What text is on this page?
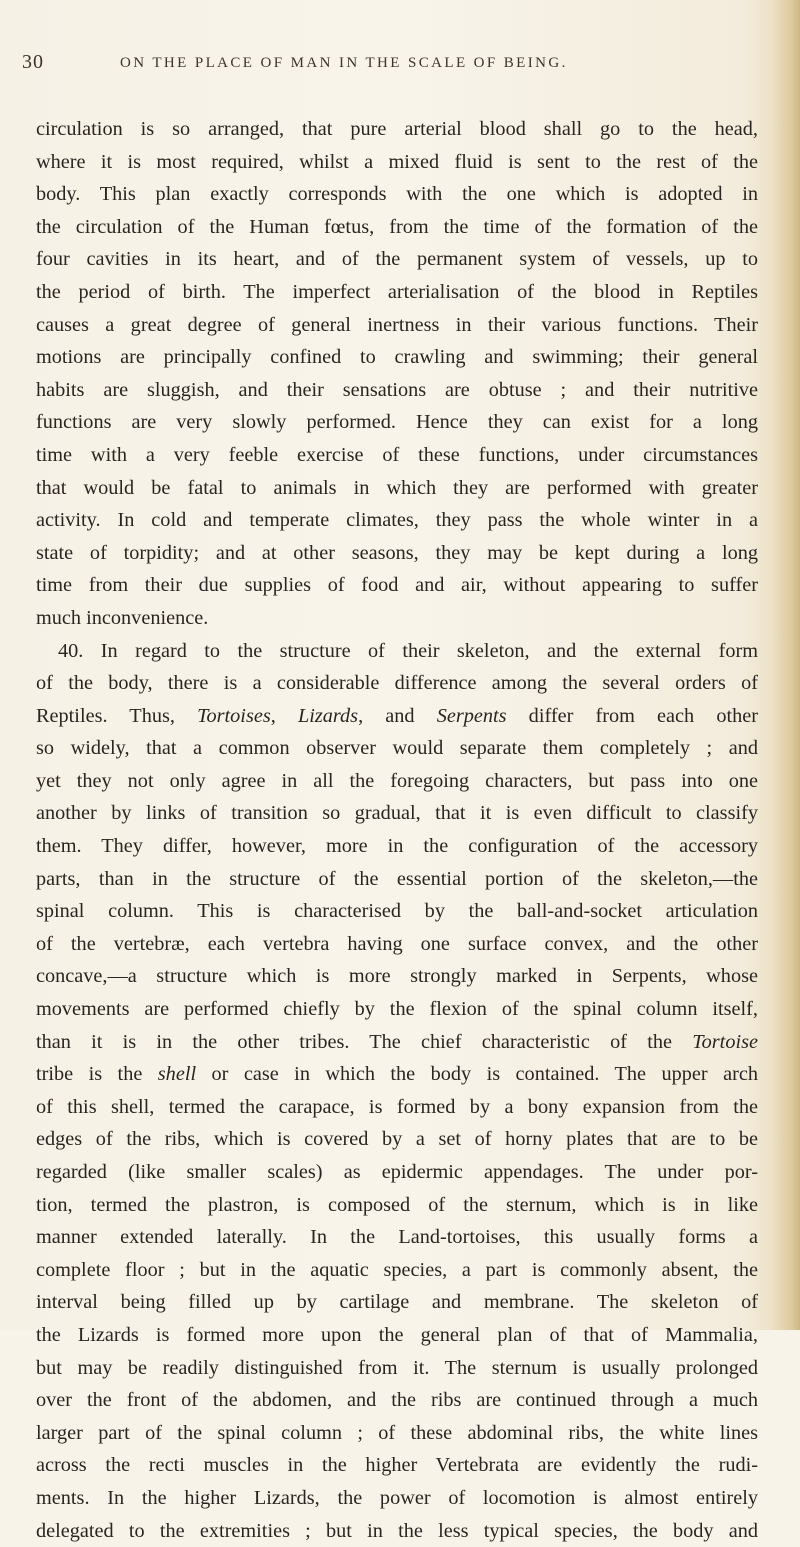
30	ON THE PLACE OF MAN IN THE SCALE OF BEING.
circulation is so arranged, that pure arterial blood shall go to the head,
where it is most required, whilst a mixed fluid is sent to the rest of the
body. This plan exactly corresponds with the one which is adopted in
the circulation of the Human fœtus, from the time of the formation of the
four cavities in its heart, and of the permanent system of vessels, up to
the period of birth. The imperfect arterialisation of the blood in Reptiles
causes a great degree of general inertness in their various functions. Their
motions are principally confined to crawling and swimming; their general
habits are sluggish, and their sensations are obtuse ; and their nutritive
functions are very slowly performed. Hence they can exist for a long
time with a very feeble exercise of these functions, under circumstances
that would be fatal to animals in which they are performed with greater
activity. In cold and temperate climates, they pass the whole winter in a
state of torpidity; and at other seasons, they may be kept during a long
time from their due supplies of food and air, without appearing to suffer
much inconvenience.
40. In regard to the structure of their skeleton, and the external form
of the body, there is a considerable difference among the several orders of
Reptiles. Thus, Tortoises, Lizards, and Serpents differ from each other
so widely, that a common observer would separate them completely ; and
yet they not only agree in all the foregoing characters, but pass into one
another by links of transition so gradual, that it is even difficult to classify
them. They differ, however, more in the configuration of the accessory
parts, than in the structure of the essential portion of the skeleton,—the
spinal column. This is characterised by the ball-and-socket articulation
of the vertebræ, each vertebra having one surface convex, and the other
concave,—a structure which is more strongly marked in Serpents, whose
movements are performed chiefly by the flexion of the spinal column itself,
than it is in the other tribes. The chief characteristic of the Tortoise
tribe is the shell or case in which the body is contained. The upper arch
of this shell, termed the carapace, is formed by a bony expansion from the
edges of the ribs, which is covered by a set of horny plates that are to be
regarded (like smaller scales) as epidermic appendages. The under por-
tion, termed the plastron, is composed of the sternum, which is in like
manner extended laterally. In the Land-tortoises, this usually forms a
complete floor ; but in the aquatic species, a part is commonly absent, the
interval being filled up by cartilage and membrane. The skeleton of
the Lizards is formed more upon the general plan of that of Mammalia,
but may be readily distinguished from it. The sternum is usually prolonged
over the front of the abdomen, and the ribs are continued through a much
larger part of the spinal column ; of these abdominal ribs, the white lines
across the recti muscles in the higher Vertebrata are evidently the rudi-
ments. In the higher Lizards, the power of locomotion is almost entirely
delegated to the extremities ; but in the less typical species, the body and
